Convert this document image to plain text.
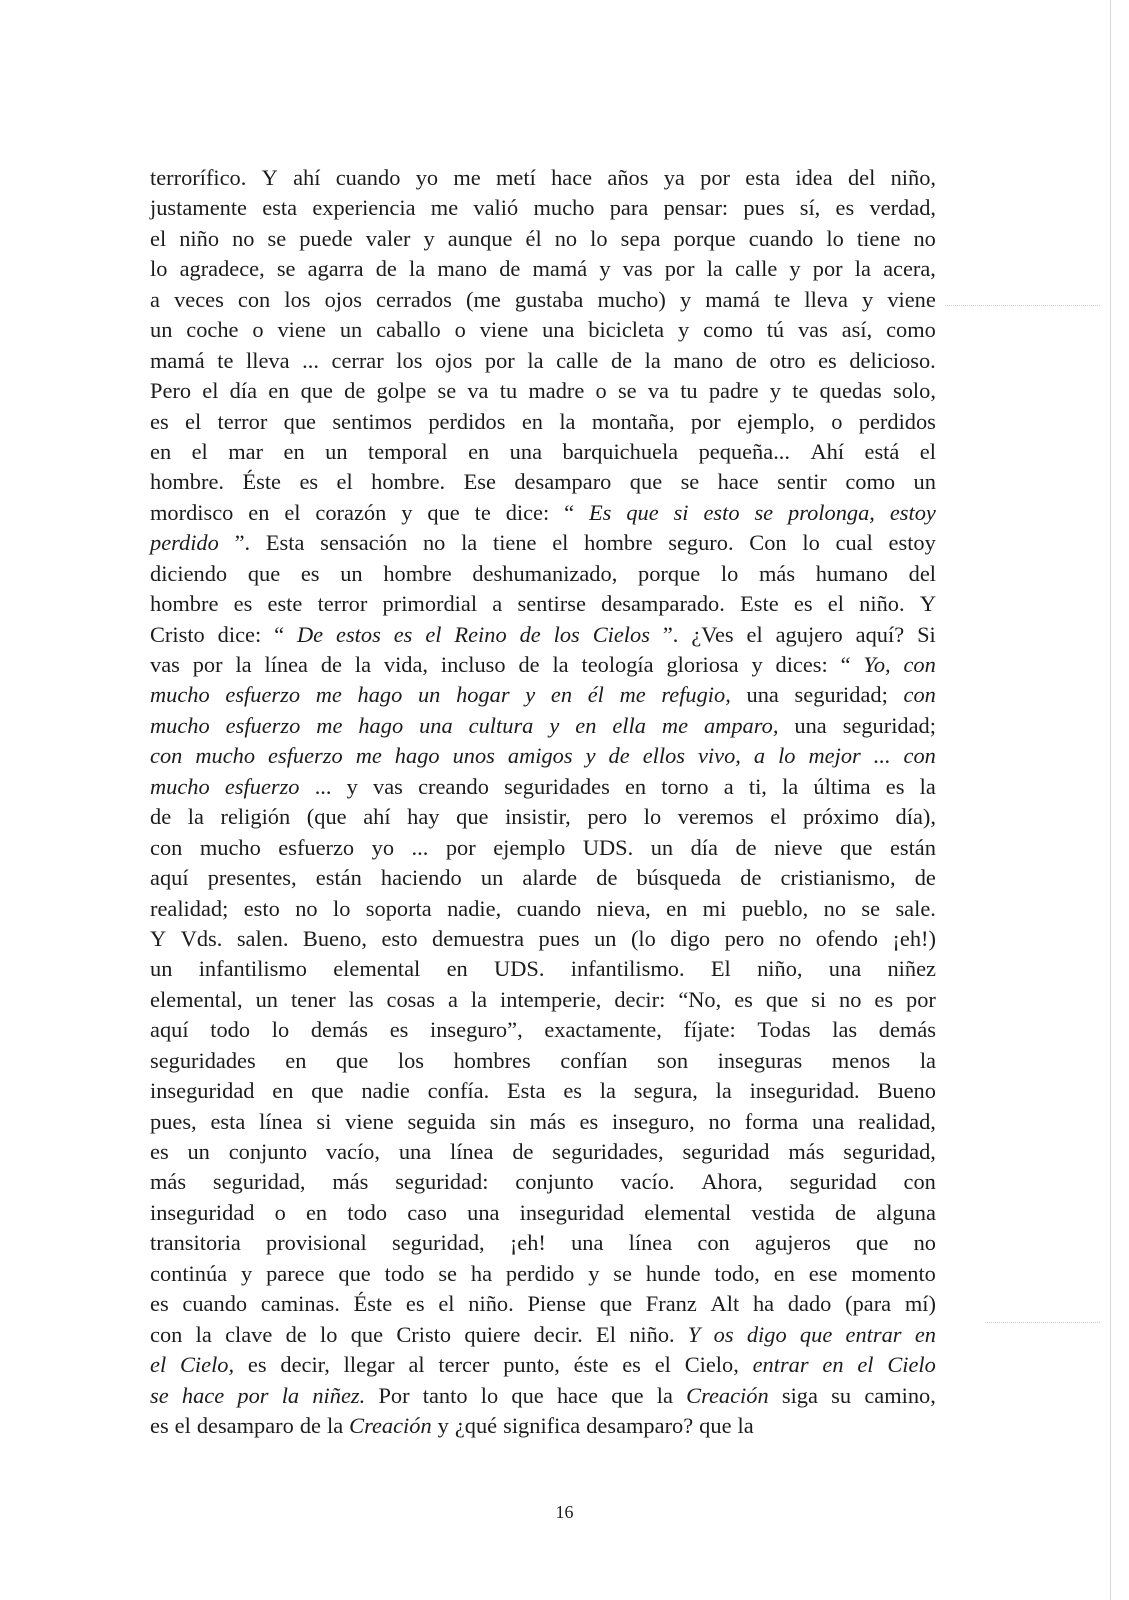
terrorífico. Y ahí cuando yo me metí hace años ya por esta idea del niño,
justamente esta experiencia me valió mucho para pensar: pues sí, es verdad,
el niño no se puede valer y aunque él no lo sepa porque cuando lo tiene no
lo agradece, se agarra de la mano de mamá y vas por la calle y por la acera,
a veces con los ojos cerrados (me gustaba mucho) y mamá te lleva y viene
un coche o viene un caballo o viene una bicicleta y como tú vas así, como
mamá te lleva ... cerrar los ojos por la calle de la mano de otro es delicioso.
Pero el día en que de golpe se va tu madre o se va tu padre y te quedas solo,
es el terror que sentimos perdidos en la montaña, por ejemplo, o perdidos
en el mar en un temporal en una barquichuela pequeña... Ahí está el
hombre. Éste es el hombre. Ese desamparo que se hace sentir como un
mordisco en el corazón y que te dice: “ Es que si esto se prolonga, estoy
perdido ”. Esta sensación no la tiene el hombre seguro. Con lo cual estoy
diciendo que es un hombre deshumanizado, porque lo más humano del
hombre es este terror primordial a sentirse desamparado. Este es el niño. Y
Cristo dice: “ De estos es el Reino de los Cielos ”. ¿Ves el agujero aquí? Si
vas por la línea de la vida, incluso de la teología gloriosa y dices: “ Yo, con
mucho esfuerzo me hago un hogar y en él me refugio, una seguridad; con
mucho esfuerzo me hago una cultura y en ella me amparo, una seguridad;
con mucho esfuerzo me hago unos amigos y de ellos vivo, a lo mejor ... con
mucho esfuerzo ... y vas creando seguridades en torno a ti, la última es la
de la religión (que ahí hay que insistir, pero lo veremos el próximo día),
con mucho esfuerzo yo ... por ejemplo UDS. un día de nieve que están
aquí presentes, están haciendo un alarde de búsqueda de cristianismo, de
realidad; esto no lo soporta nadie, cuando nieva, en mi pueblo, no se sale.
Y Vds. salen. Bueno, esto demuestra pues un (lo digo pero no ofendo ¡eh!)
un infantilismo elemental en UDS. infantilismo. El niño, una niñez
elemental, un tener las cosas a la intemperie, decir: “No, es que si no es por
aquí todo lo demás es inseguro”, exactamente, fíjate: Todas las demás
seguridades en que los hombres confían son inseguras menos la
inseguridad en que nadie confía. Esta es la segura, la inseguridad. Bueno
pues, esta línea si viene seguida sin más es inseguro, no forma una realidad,
es un conjunto vacío, una línea de seguridades, seguridad más seguridad,
más seguridad, más seguridad: conjunto vacío. Ahora, seguridad con
inseguridad o en todo caso una inseguridad elemental vestida de alguna
transitoria provisional seguridad, ¡eh! una línea con agujeros que no
continúa y parece que todo se ha perdido y se hunde todo, en ese momento
es cuando caminas. Éste es el niño. Piense que Franz Alt ha dado (para mí)
con la clave de lo que Cristo quiere decir. El niño. Y os digo que entrar en
el Cielo, es decir, llegar al tercer punto, éste es el Cielo, entrar en el Cielo
se hace por la niñez. Por tanto lo que hace que la Creación siga su camino,
es el desamparo de la Creación y ¿qué significa desamparo? que la
16
